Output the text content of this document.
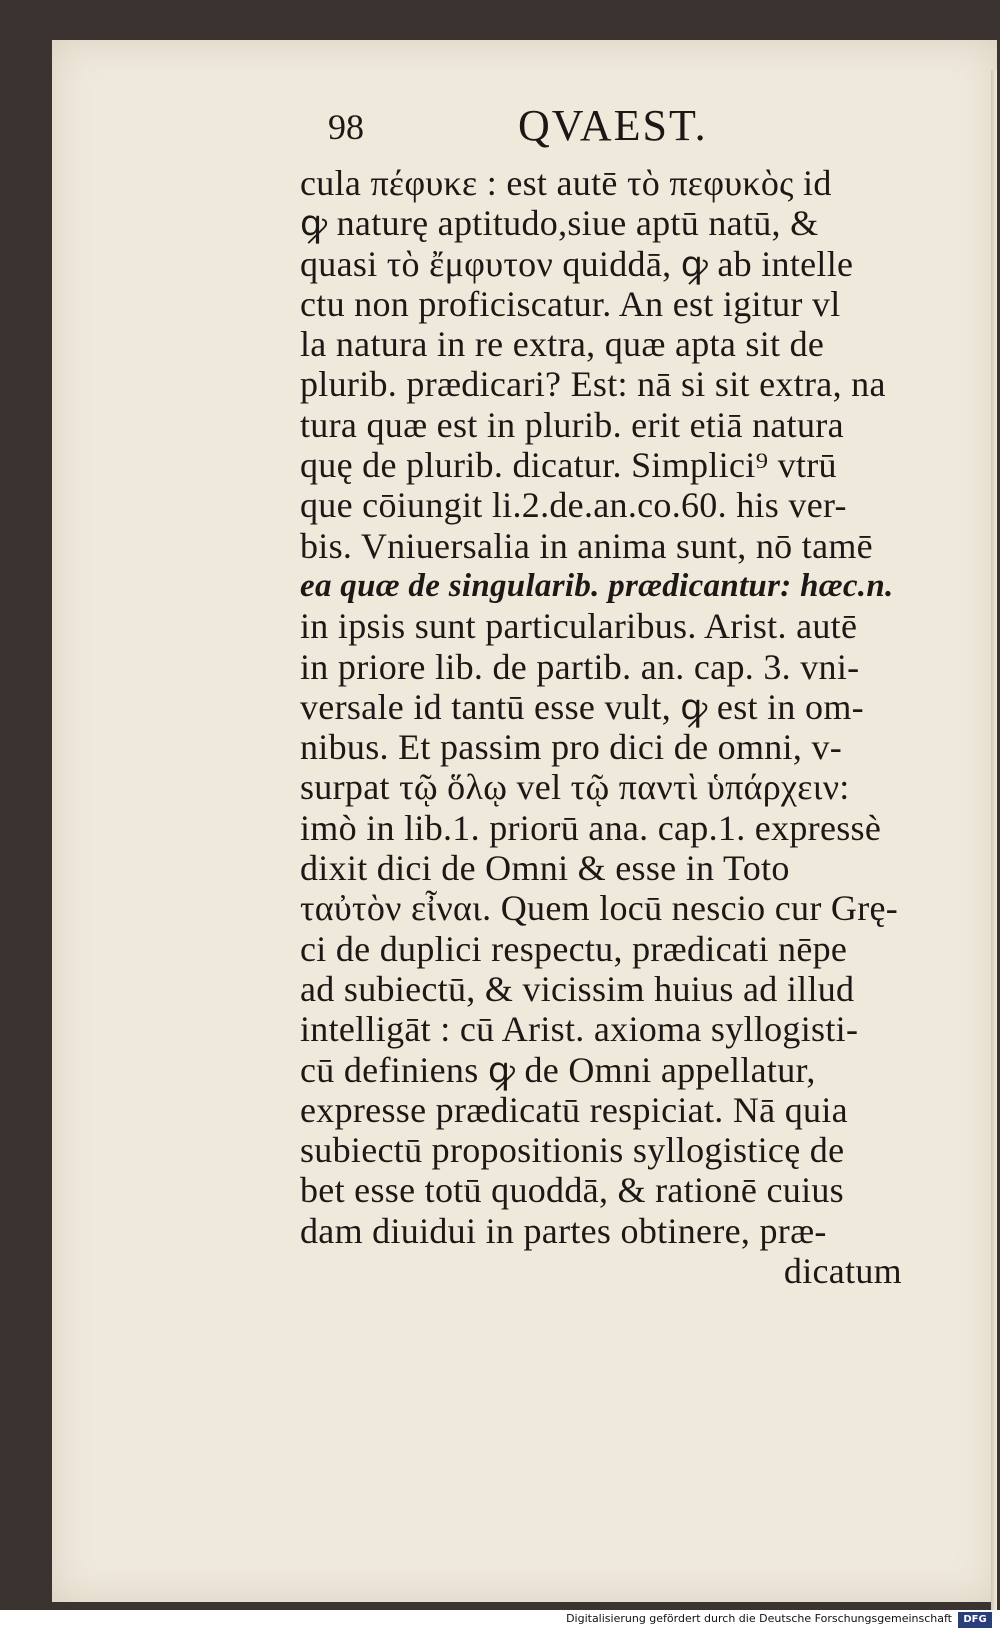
98	QVAEST.
cula πέφυκε : est autē τὸ πεφυκὸς id
ꝙ naturę aptitudo,siue aptū natū, &
quasi τὸ ἔμφυτον quiddā, ꝙ ab intelle
ctu non proficiscatur. An est igitur vl
la natura in re extra, quæ apta sit de
plurib. prædicari? Est: nā si sit extra, na
tura quæ est in plurib. erit etiā natura
quę de plurib. dicatur. Simplici⁹ vtrū
que cōiungit li.2.de.an.co.60. his ver-
bis. Vniuersalia in anima sunt, nō tamē
ea quæ de singularib. prædicantur: hæc.n.
in ipsis sunt particularibus. Arist. autē
in priore lib. de partib. an. cap. 3. vni-
versale id tantū esse vult, ꝙ est in om-
nibus. Et passim pro dici de omni, v-
surpat τῷ ὅλῳ vel τῷ παντὶ ὑπάρχειν:
imò in lib.1. priorū ana. cap.1. expressè
dixit dici de Omni & esse in Toto
ταὐτὸν εἶναι. Quem locū nescio cur Grę-
ci de duplici respectu, prædicati nēpe
ad subiectū, & vicissim huius ad illud
intelligāt : cū Arist. axioma syllogisti-
cū definiens ꝙ de Omni appellatur,
expresse prædicatū respiciat. Nā quia
subiectū propositionis syllogisticę de
bet esse totū quoddā, & rationē cuius
dam diuidui in partes obtinere, præ-
dicatum
Digitalisierung gefördert durch die Deutsche Forschungsgemeinschaft	DFG
